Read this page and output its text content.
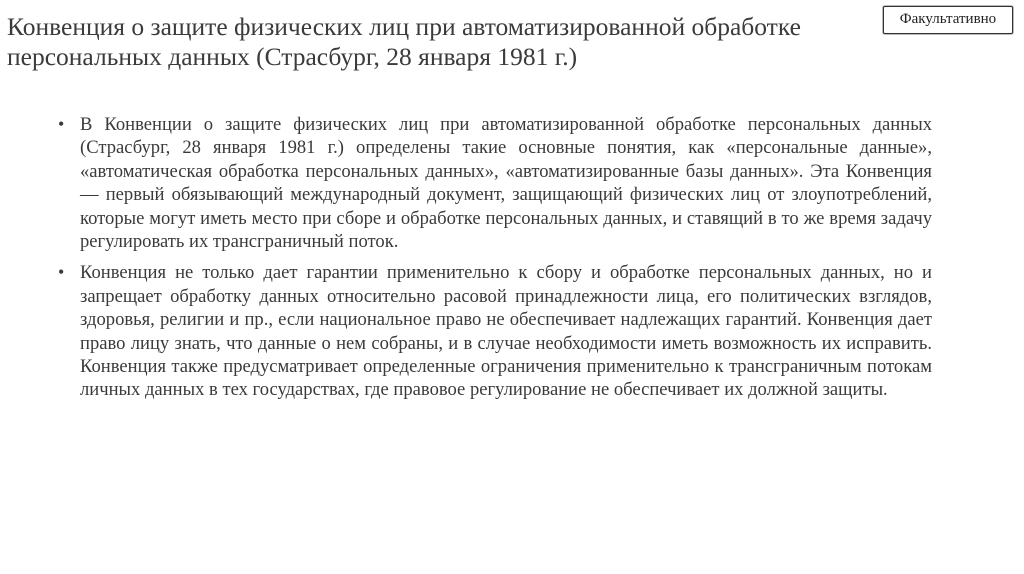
Факультативно
Конвенция о защите физических лиц при автоматизированной обработке персональных данных (Страсбург, 28 января 1981 г.)
• В Конвенции о защите физических лиц при автоматизированной обработке персональных данных (Страсбург, 28 января 1981 г.) определены такие основные понятия, как «персональные данные», «автоматическая обработка персональных данных», «автоматизированные базы данных». Эта Конвенция — первый обязывающий международный документ, защищающий физических лиц от злоупотреблений, которые могут иметь место при сборе и обработке персональных данных, и ставящий в то же время задачу регулировать их трансграничный поток.
• Конвенция не только дает гарантии применительно к сбору и обработке персональных данных, но и запрещает обработку данных относительно расовой принадлежности лица, его политических взглядов, здоровья, религии и пр., если национальное право не обеспечивает надлежащих гарантий. Конвенция дает право лицу знать, что данные о нем собраны, и в случае необходимости иметь возможность их исправить. Конвенция также предусматривает определенные ограничения применительно к трансграничным потокам личных данных в тех государствах, где правовое регулирование не обеспечивает их должной защиты.
